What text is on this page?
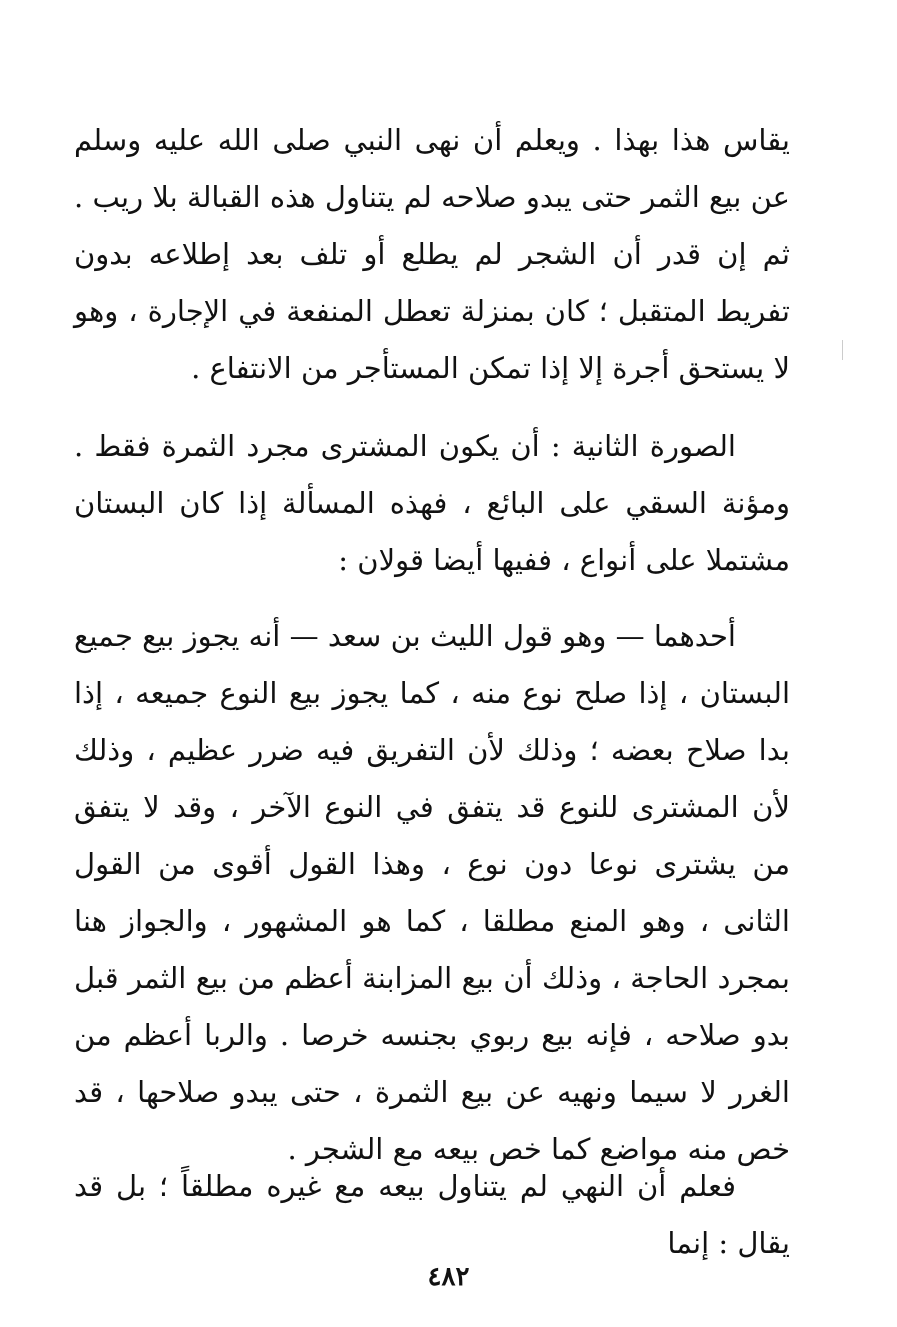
يقاس هذا بهذا . ويعلم أن نهى النبي صلى الله عليه وسلم عن بيع الثمر حتى يبدو صلاحه لم يتناول هذه القبالة بلا ريب . ثم إن قدر أن الشجر لم يطلع أو تلف بعد إطلاعه بدون تفريط المتقبل ؛ كان بمنزلة تعطل المنفعة في الإجارة ، وهو لا يستحق أجرة إلا إذا تمكن المستأجر من الانتفاع .

الصورة الثانية : أن يكون المشترى مجرد الثمرة فقط . ومؤنة السقي على البائع ، فهذه المسألة إذا كان البستان مشتملا على أنواع ، ففيها أيضا قولان :

أحدهما — وهو قول الليث بن سعد — أنه يجوز بيع جميع البستان ، إذا صلح نوع منه ، كما يجوز بيع النوع جميعه ، إذا بدا صلاح بعضه ؛ وذلك لأن التفريق فيه ضرر عظيم ، وذلك لأن المشترى للنوع قد يتفق في النوع الآخر ، وقد لا يتفق من يشترى نوعا دون نوع ، وهذا القول أقوى من القول الثانى ، وهو المنع مطلقا ، كما هو المشهور ، والجواز هنا بمجرد الحاجة ، وذلك أن بيع المزابنة أعظم من بيع الثمر قبل بدو صلاحه ، فإنه بيع ربوي بجنسه خرصا . والربا أعظم من الغرر لا سيما ونهيه عن بيع الثمرة ، حتى يبدو صلاحها ، قد خص منه مواضع كما خص بيعه مع الشجر .

فعلم أن النهي لم يتناول بيعه مع غيره مطلقاً ؛ بل قد يقال : إنما

٤٨٢
